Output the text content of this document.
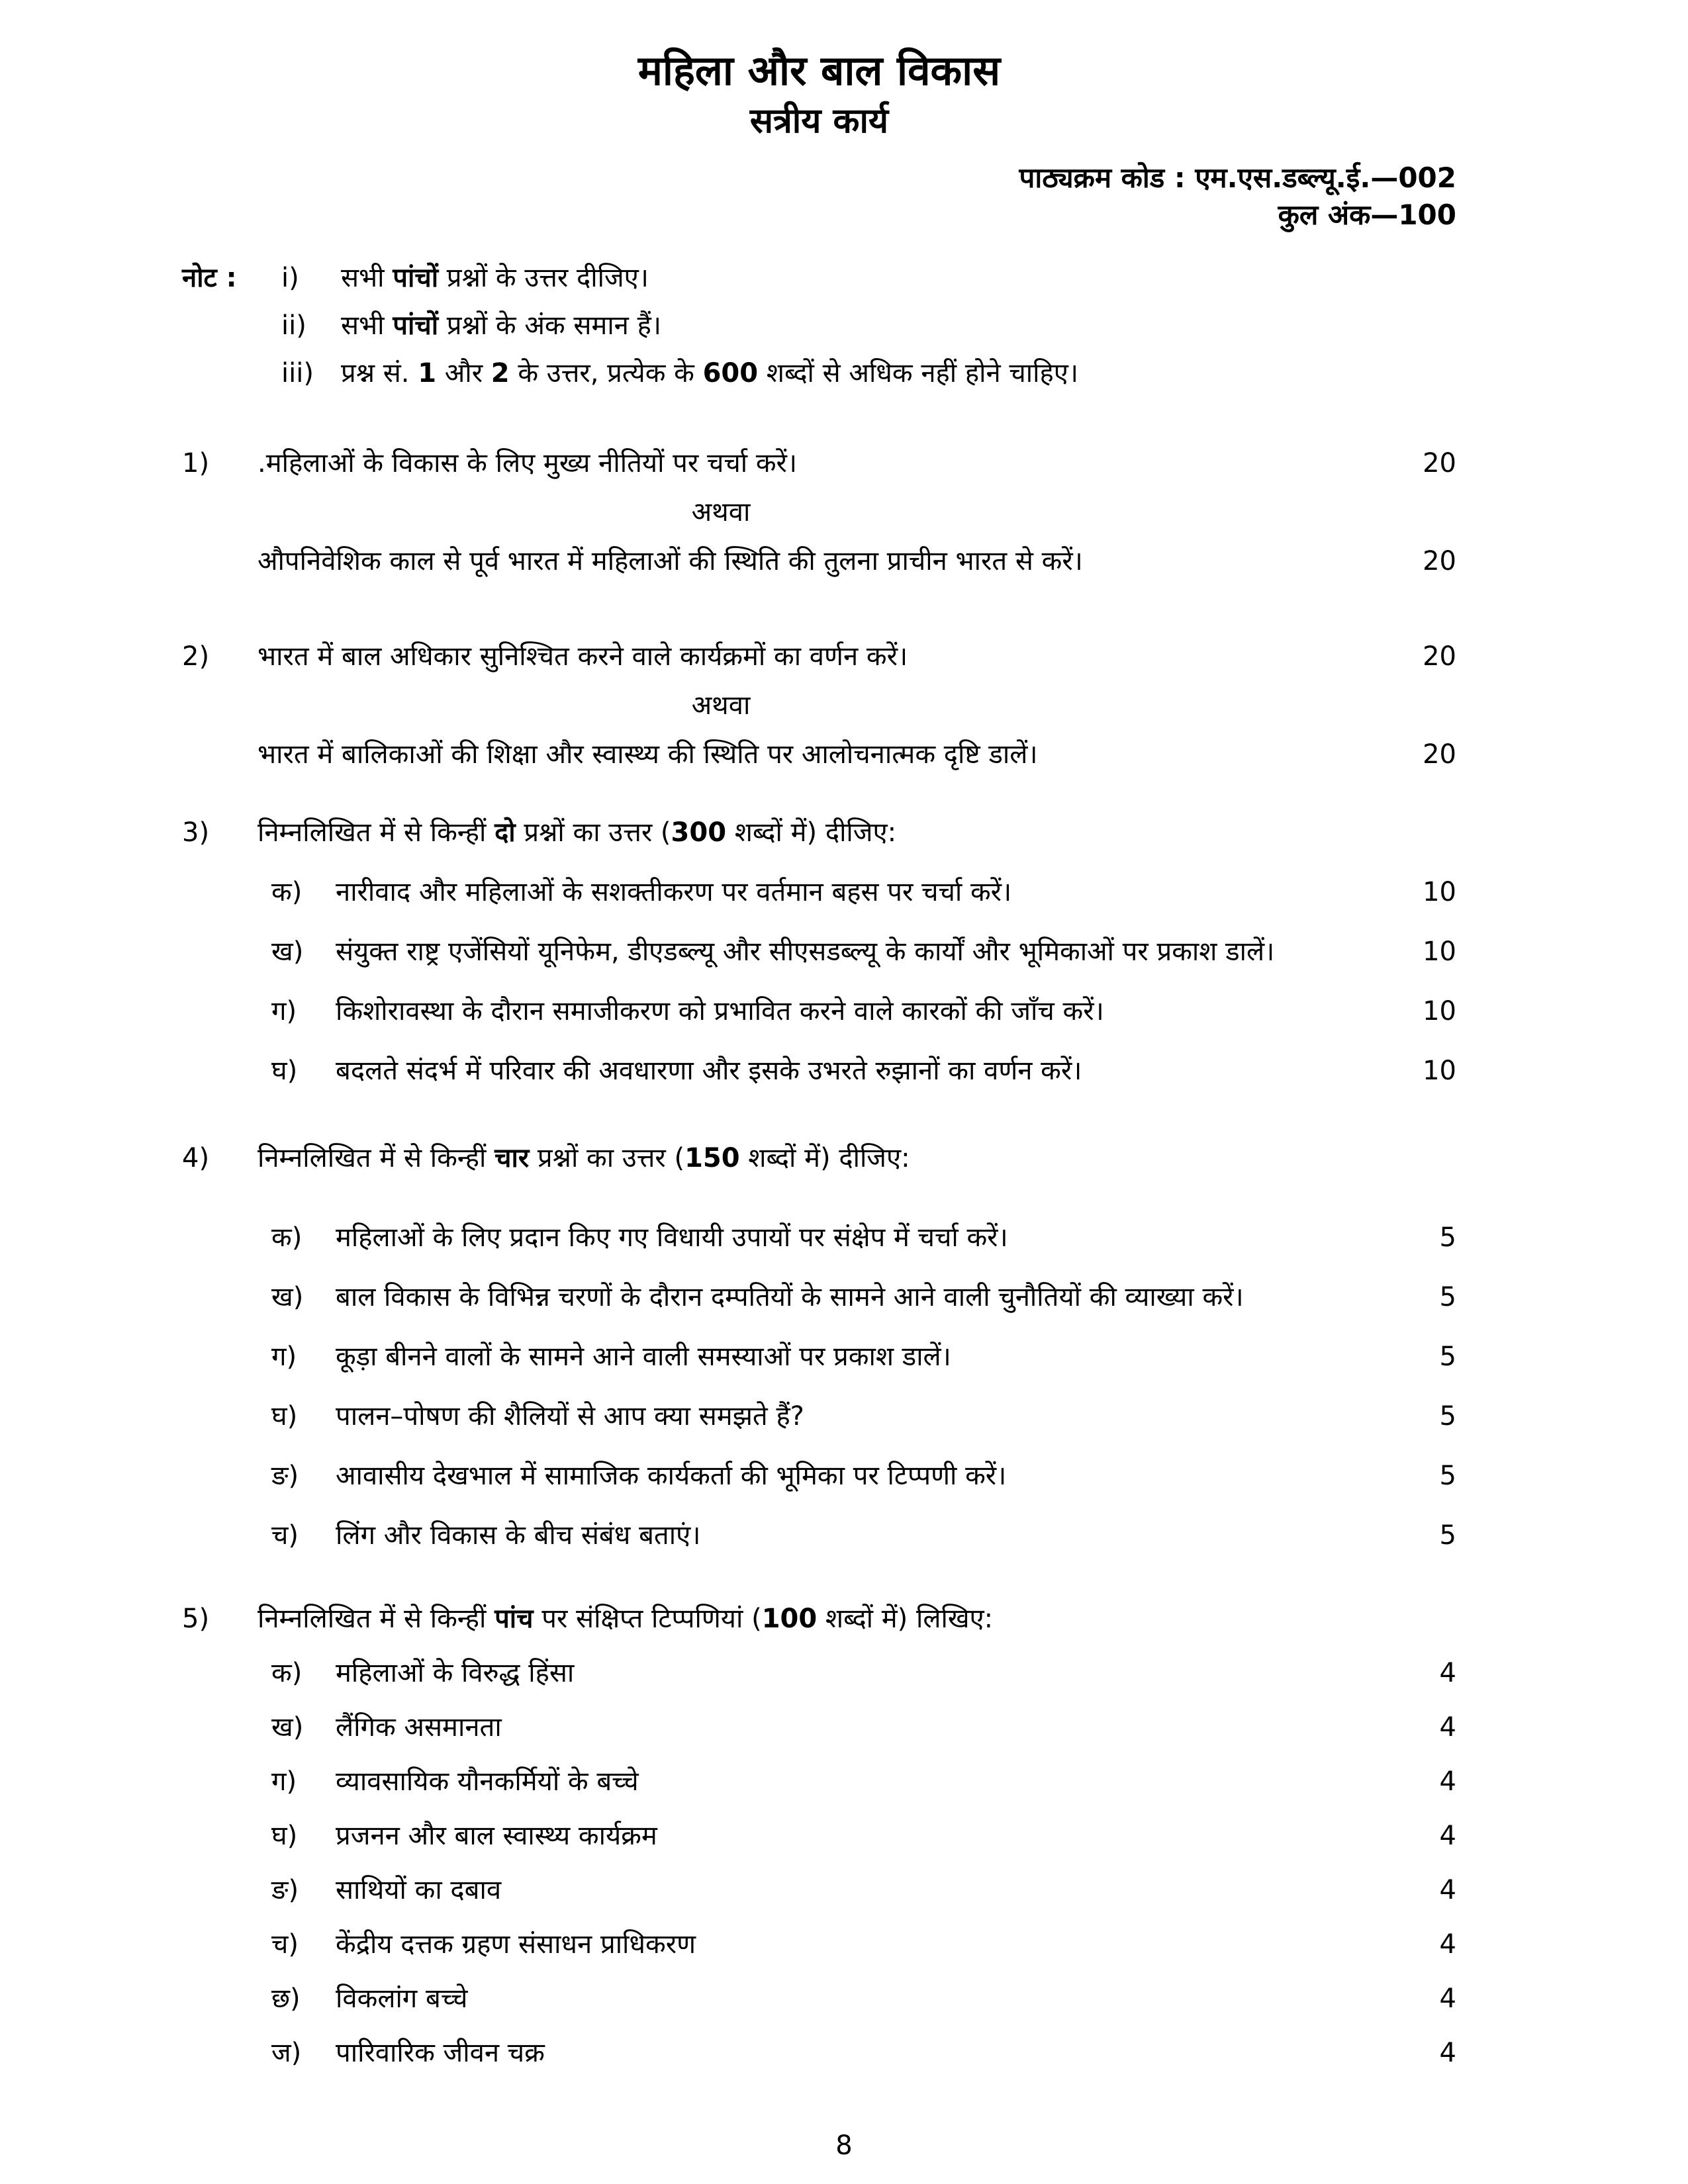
महिला और बाल विकास
सत्रीय कार्य
पाठ्यक्रम कोड : एम.एस.डब्ल्यू.ई.—002
कुल अंक—100
नोट :	i)	सभी पांचों प्रश्नों के उत्तर दीजिए।
ii)	सभी पांचों प्रश्नों के अंक समान हैं।
iii)	प्रश्न सं. 1 और 2 के उत्तर, प्रत्येक के 600 शब्दों से अधिक नहीं होने चाहिए।
1)	.महिलाओं के विकास के लिए मुख्य नीतियों पर चर्चा करें।	20
अथवा
औपनिवेशिक काल से पूर्व भारत में महिलाओं की स्थिति की तुलना प्राचीन भारत से करें।	20
2)	भारत में बाल अधिकार सुनिश्चित करने वाले कार्यक्रमों का वर्णन करें।	20
अथवा
भारत में बालिकाओं की शिक्षा और स्वास्थ्य की स्थिति पर आलोचनात्मक दृष्टि डालें।	20
3)	निम्नलिखित में से किन्हीं दो प्रश्नों का उत्तर (300 शब्दों में) दीजिए:
क)	नारीवाद और महिलाओं के सशक्तीकरण पर वर्तमान बहस पर चर्चा करें।	10
ख)	संयुक्त राष्ट्र एजेंसियों यूनिफेम, डीएडब्ल्यू और सीएसडब्ल्यू के कार्यों और भूमिकाओं पर प्रकाश डालें।	10
ग)	किशोरावस्था के दौरान समाजीकरण को प्रभावित करने वाले कारकों की जाँच करें।	10
घ)	बदलते संदर्भ में परिवार की अवधारणा और इसके उभरते रुझानों का वर्णन करें।	10
4)	निम्नलिखित में से किन्हीं चार प्रश्नों का उत्तर (150 शब्दों में) दीजिए:
क)	महिलाओं के लिए प्रदान किए गए विधायी उपायों पर संक्षेप में चर्चा करें।	5
ख)	बाल विकास के विभिन्न चरणों के दौरान दम्पतियों के सामने आने वाली चुनौतियों की व्याख्या करें।	5
ग)	कूड़ा बीनने वालों के सामने आने वाली समस्याओं पर प्रकाश डालें।	5
घ)	पालन–पोषण की शैलियों से आप क्या समझते हैं?	5
ङ)	आवासीय देखभाल में सामाजिक कार्यकर्ता की भूमिका पर टिप्पणी करें।	5
च)	लिंग और विकास के बीच संबंध बताएं।	5
5)	निम्नलिखित में से किन्हीं पांच पर संक्षिप्त टिप्पणियां (100 शब्दों में) लिखिए:
क)	महिलाओं के विरुद्ध हिंसा	4
ख)	लैंगिक असमानता	4
ग)	व्यावसायिक यौनकर्मियों के बच्चे	4
घ)	प्रजनन और बाल स्वास्थ्य कार्यक्रम	4
ङ)	साथियों का दबाव	4
च)	केंद्रीय दत्तक ग्रहण संसाधन प्राधिकरण	4
छ)	विकलांग बच्चे	4
ज)	पारिवारिक जीवन चक्र	4
8
